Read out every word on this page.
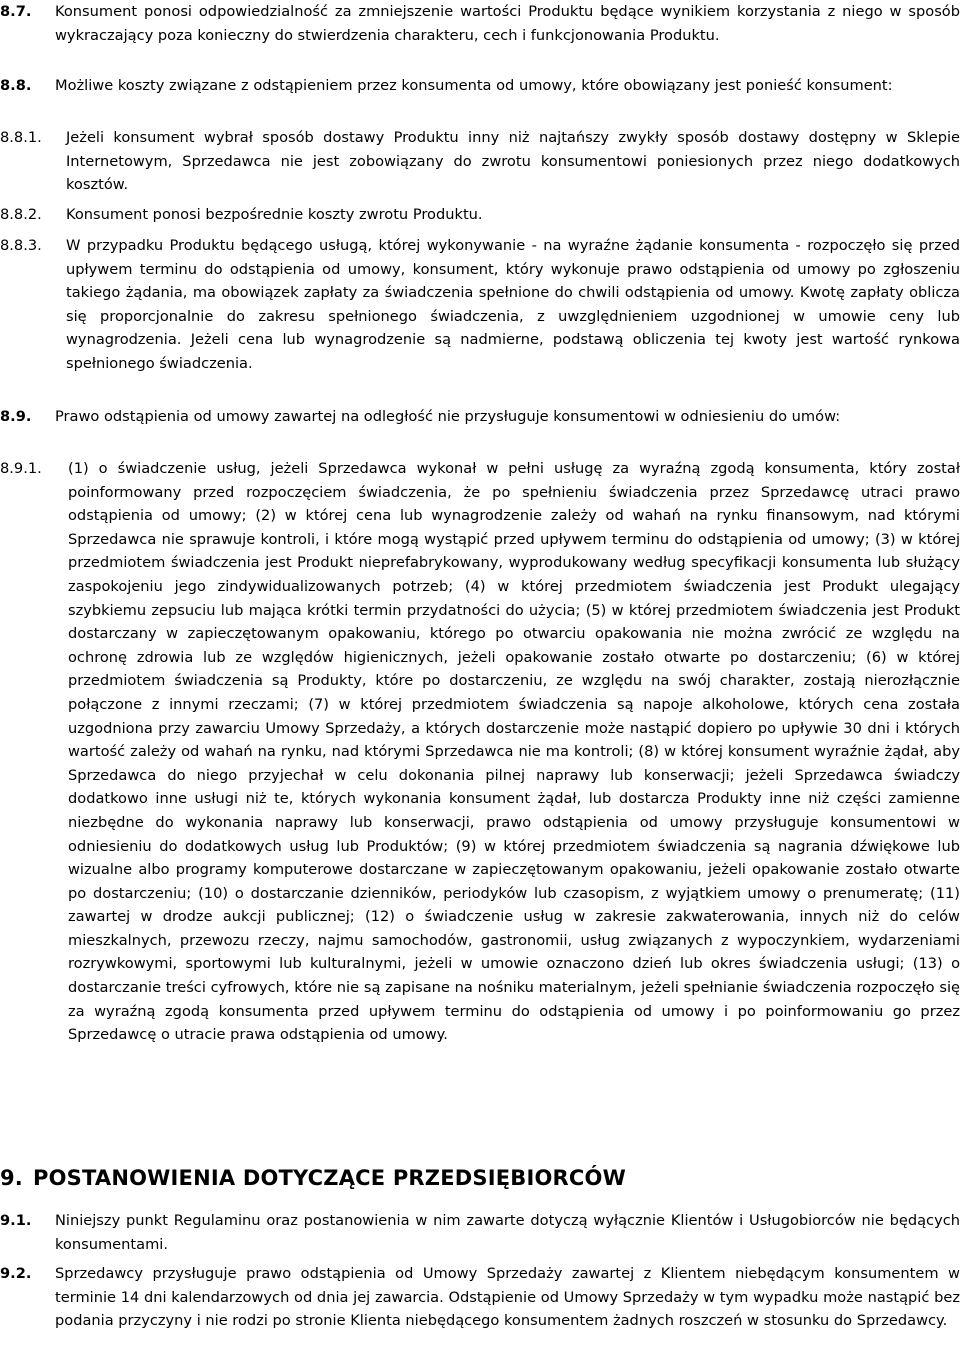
8.7. Konsument ponosi odpowiedzialność za zmniejszenie wartości Produktu będące wynikiem korzystania z niego w sposób wykraczający poza konieczny do stwierdzenia charakteru, cech i funkcjonowania Produktu.
8.8. Możliwe koszty związane z odstąpieniem przez konsumenta od umowy, które obowiązany jest ponieść konsument:
8.8.1. Jeżeli konsument wybrał sposób dostawy Produktu inny niż najtańszy zwykły sposób dostawy dostępny w Sklepie Internetowym, Sprzedawca nie jest zobowiązany do zwrotu konsumentowi poniesionych przez niego dodatkowych kosztów.
8.8.2. Konsument ponosi bezpośrednie koszty zwrotu Produktu.
8.8.3. W przypadku Produktu będącego usługą, której wykonywanie - na wyraźne żądanie konsumenta - rozpoczęło się przed upływem terminu do odstąpienia od umowy, konsument, który wykonuje prawo odstąpienia od umowy po zgłoszeniu takiego żądania, ma obowiązek zapłaty za świadczenia spełnione do chwili odstąpienia od umowy. Kwotę zapłaty oblicza się proporcjonalnie do zakresu spełnionego świadczenia, z uwzględnieniem uzgodnionej w umowie ceny lub wynagrodzenia. Jeżeli cena lub wynagrodzenie są nadmierne, podstawą obliczenia tej kwoty jest wartość rynkowa spełnionego świadczenia.
8.9. Prawo odstąpienia od umowy zawartej na odległość nie przysługuje konsumentowi w odniesieniu do umów:
8.9.1. (1) o świadczenie usług, jeżeli Sprzedawca wykonał w pełni usługę za wyraźną zgodą konsumenta, który został poinformowany przed rozpoczęciem świadczenia, że po spełnieniu świadczenia przez Sprzedawcę utraci prawo odstąpienia od umowy; (2) w której cena lub wynagrodzenie zależy od wahań na rynku finansowym, nad którymi Sprzedawca nie sprawuje kontroli, i które mogą wystąpić przed upływem terminu do odstąpienia od umowy; (3) w której przedmiotem świadczenia jest Produkt nieprefabrykowany, wyprodukowany według specyfikacji konsumenta lub służący zaspokojeniu jego zindywidualizowanych potrzeb; (4) w której przedmiotem świadczenia jest Produkt ulegający szybkiemu zepsuciu lub mająca krótki termin przydatności do użycia; (5) w której przedmiotem świadczenia jest Produkt dostarczany w zapieczętowanym opakowaniu, którego po otwarciu opakowania nie można zwrócić ze względu na ochronę zdrowia lub ze względów higienicznych, jeżeli opakowanie zostało otwarte po dostarczeniu; (6) w której przedmiotem świadczenia są Produkty, które po dostarczeniu, ze względu na swój charakter, zostają nierozłącznie połączone z innymi rzeczami; (7) w której przedmiotem świadczenia są napoje alkoholowe, których cena została uzgodniona przy zawarciu Umowy Sprzedaży, a których dostarczenie może nastąpić dopiero po upływie 30 dni i których wartość zależy od wahań na rynku, nad którymi Sprzedawca nie ma kontroli; (8) w której konsument wyraźnie żądał, aby Sprzedawca do niego przyjechał w celu dokonania pilnej naprawy lub konserwacji; jeżeli Sprzedawca świadczy dodatkowo inne usługi niż te, których wykonania konsument żądał, lub dostarcza Produkty inne niż części zamienne niezbędne do wykonania naprawy lub konserwacji, prawo odstąpienia od umowy przysługuje konsumentowi w odniesieniu do dodatkowych usług lub Produktów; (9) w której przedmiotem świadczenia są nagrania dźwiękowe lub wizualne albo programy komputerowe dostarczane w zapieczętowanym opakowaniu, jeżeli opakowanie zostało otwarte po dostarczeniu; (10) o dostarczanie dzienników, periodyków lub czasopism, z wyjątkiem umowy o prenumeratę; (11) zawartej w drodze aukcji publicznej; (12) o świadczenie usług w zakresie zakwaterowania, innych niż do celów mieszkalnych, przewozu rzeczy, najmu samochodów, gastronomii, usług związanych z wypoczynkiem, wydarzeniami rozrywkowymi, sportowymi lub kulturalnymi, jeżeli w umowie oznaczono dzień lub okres świadczenia usługi; (13) o dostarczanie treści cyfrowych, które nie są zapisane na nośniku materialnym, jeżeli spełnianie świadczenia rozpoczęło się za wyraźną zgodą konsumenta przed upływem terminu do odstąpienia od umowy i po poinformowaniu go przez Sprzedawcę o utracie prawa odstąpienia od umowy.
9. POSTANOWIENIA DOTYCZĄCE PRZEDSIĘBIORCÓW
9.1. Niniejszy punkt Regulaminu oraz postanowienia w nim zawarte dotyczą wyłącznie Klientów i Usługobiorców nie będących konsumentami.
9.2. Sprzedawcy przysługuje prawo odstąpienia od Umowy Sprzedaży zawartej z Klientem niebędącym konsumentem w terminie 14 dni kalendarzowych od dnia jej zawarcia. Odstąpienie od Umowy Sprzedaży w tym wypadku może nastąpić bez podania przyczyny i nie rodzi po stronie Klienta niebędącego konsumentem żadnych roszczeń w stosunku do Sprzedawcy.
